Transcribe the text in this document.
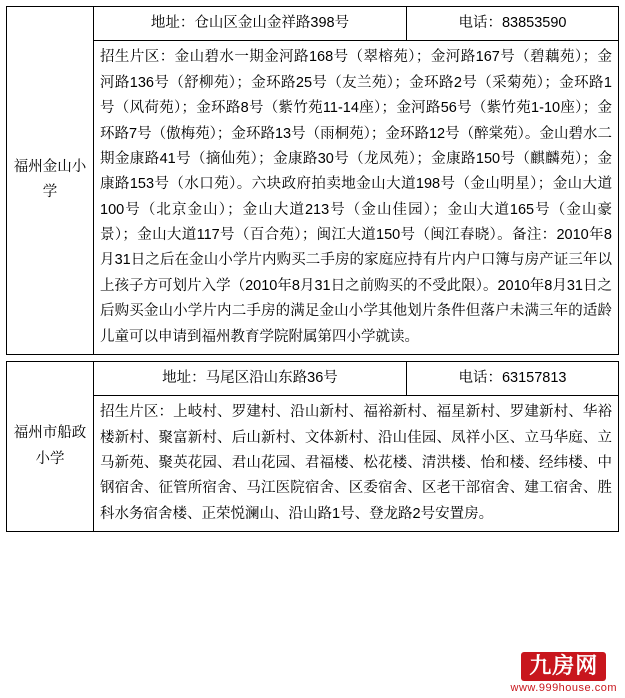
福州金山小学	地址：仓山区金山金祥路398号	电话：83853590
招生片区：金山碧水一期金河路168号（翠榕苑）；金河路167号（碧藕苑）；金河路136号（舒柳苑）；金环路25号（友兰苑）；金环路2号（采菊苑）；金环路1号（风荷苑）；金环路8号（紫竹苑11-14座）；金河路56号（紫竹苑1-10座）；金环路7号（傲梅苑）；金环路13号（雨桐苑）；金环路12号（醉棠苑）。金山碧水二期金康路41号（摘仙苑）；金康路30号（龙凤苑）；金康路150号（麒麟苑）；金康路153号（水口苑）。六块政府拍卖地金山大道198号（金山明星）；金山大道100号（北京金山）；金山大道213号（金山佳园）；金山大道165号（金山豪景）；金山大道117号（百合苑）；闽江大道150号（闽江春晓）。备注：2010年8月31日之后在金山小学片内购买二手房的家庭应持有片内户口簿与房产证三年以上孩子方可划片入学（2010年8月31日之前购买的不受此限）。2010年8月31日之后购买金山小学片内二手房的满足金山小学其他划片条件但落户未满三年的适龄儿童可以申请到福州教育学院附属第四小学就读。
福州市船政小学	地址：马尾区沿山东路36号	电话：63157813
招生片区：上岐村、罗建村、沿山新村、福裕新村、福星新村、罗建新村、华裕楼新村、聚富新村、后山新村、文体新村、沿山佳园、凤祥小区、立马华庭、立马新苑、聚英花园、君山花园、君福楼、松花楼、清洪楼、怡和楼、经纬楼、中钢宿舍、征管所宿舍、马江医院宿舍、区委宿舍、区老干部宿舍、建工宿舍、胜科水务宿舍楼、正荣悦澜山、沿山路1号、登龙路2号安置房。
九房网
www.999house.com
